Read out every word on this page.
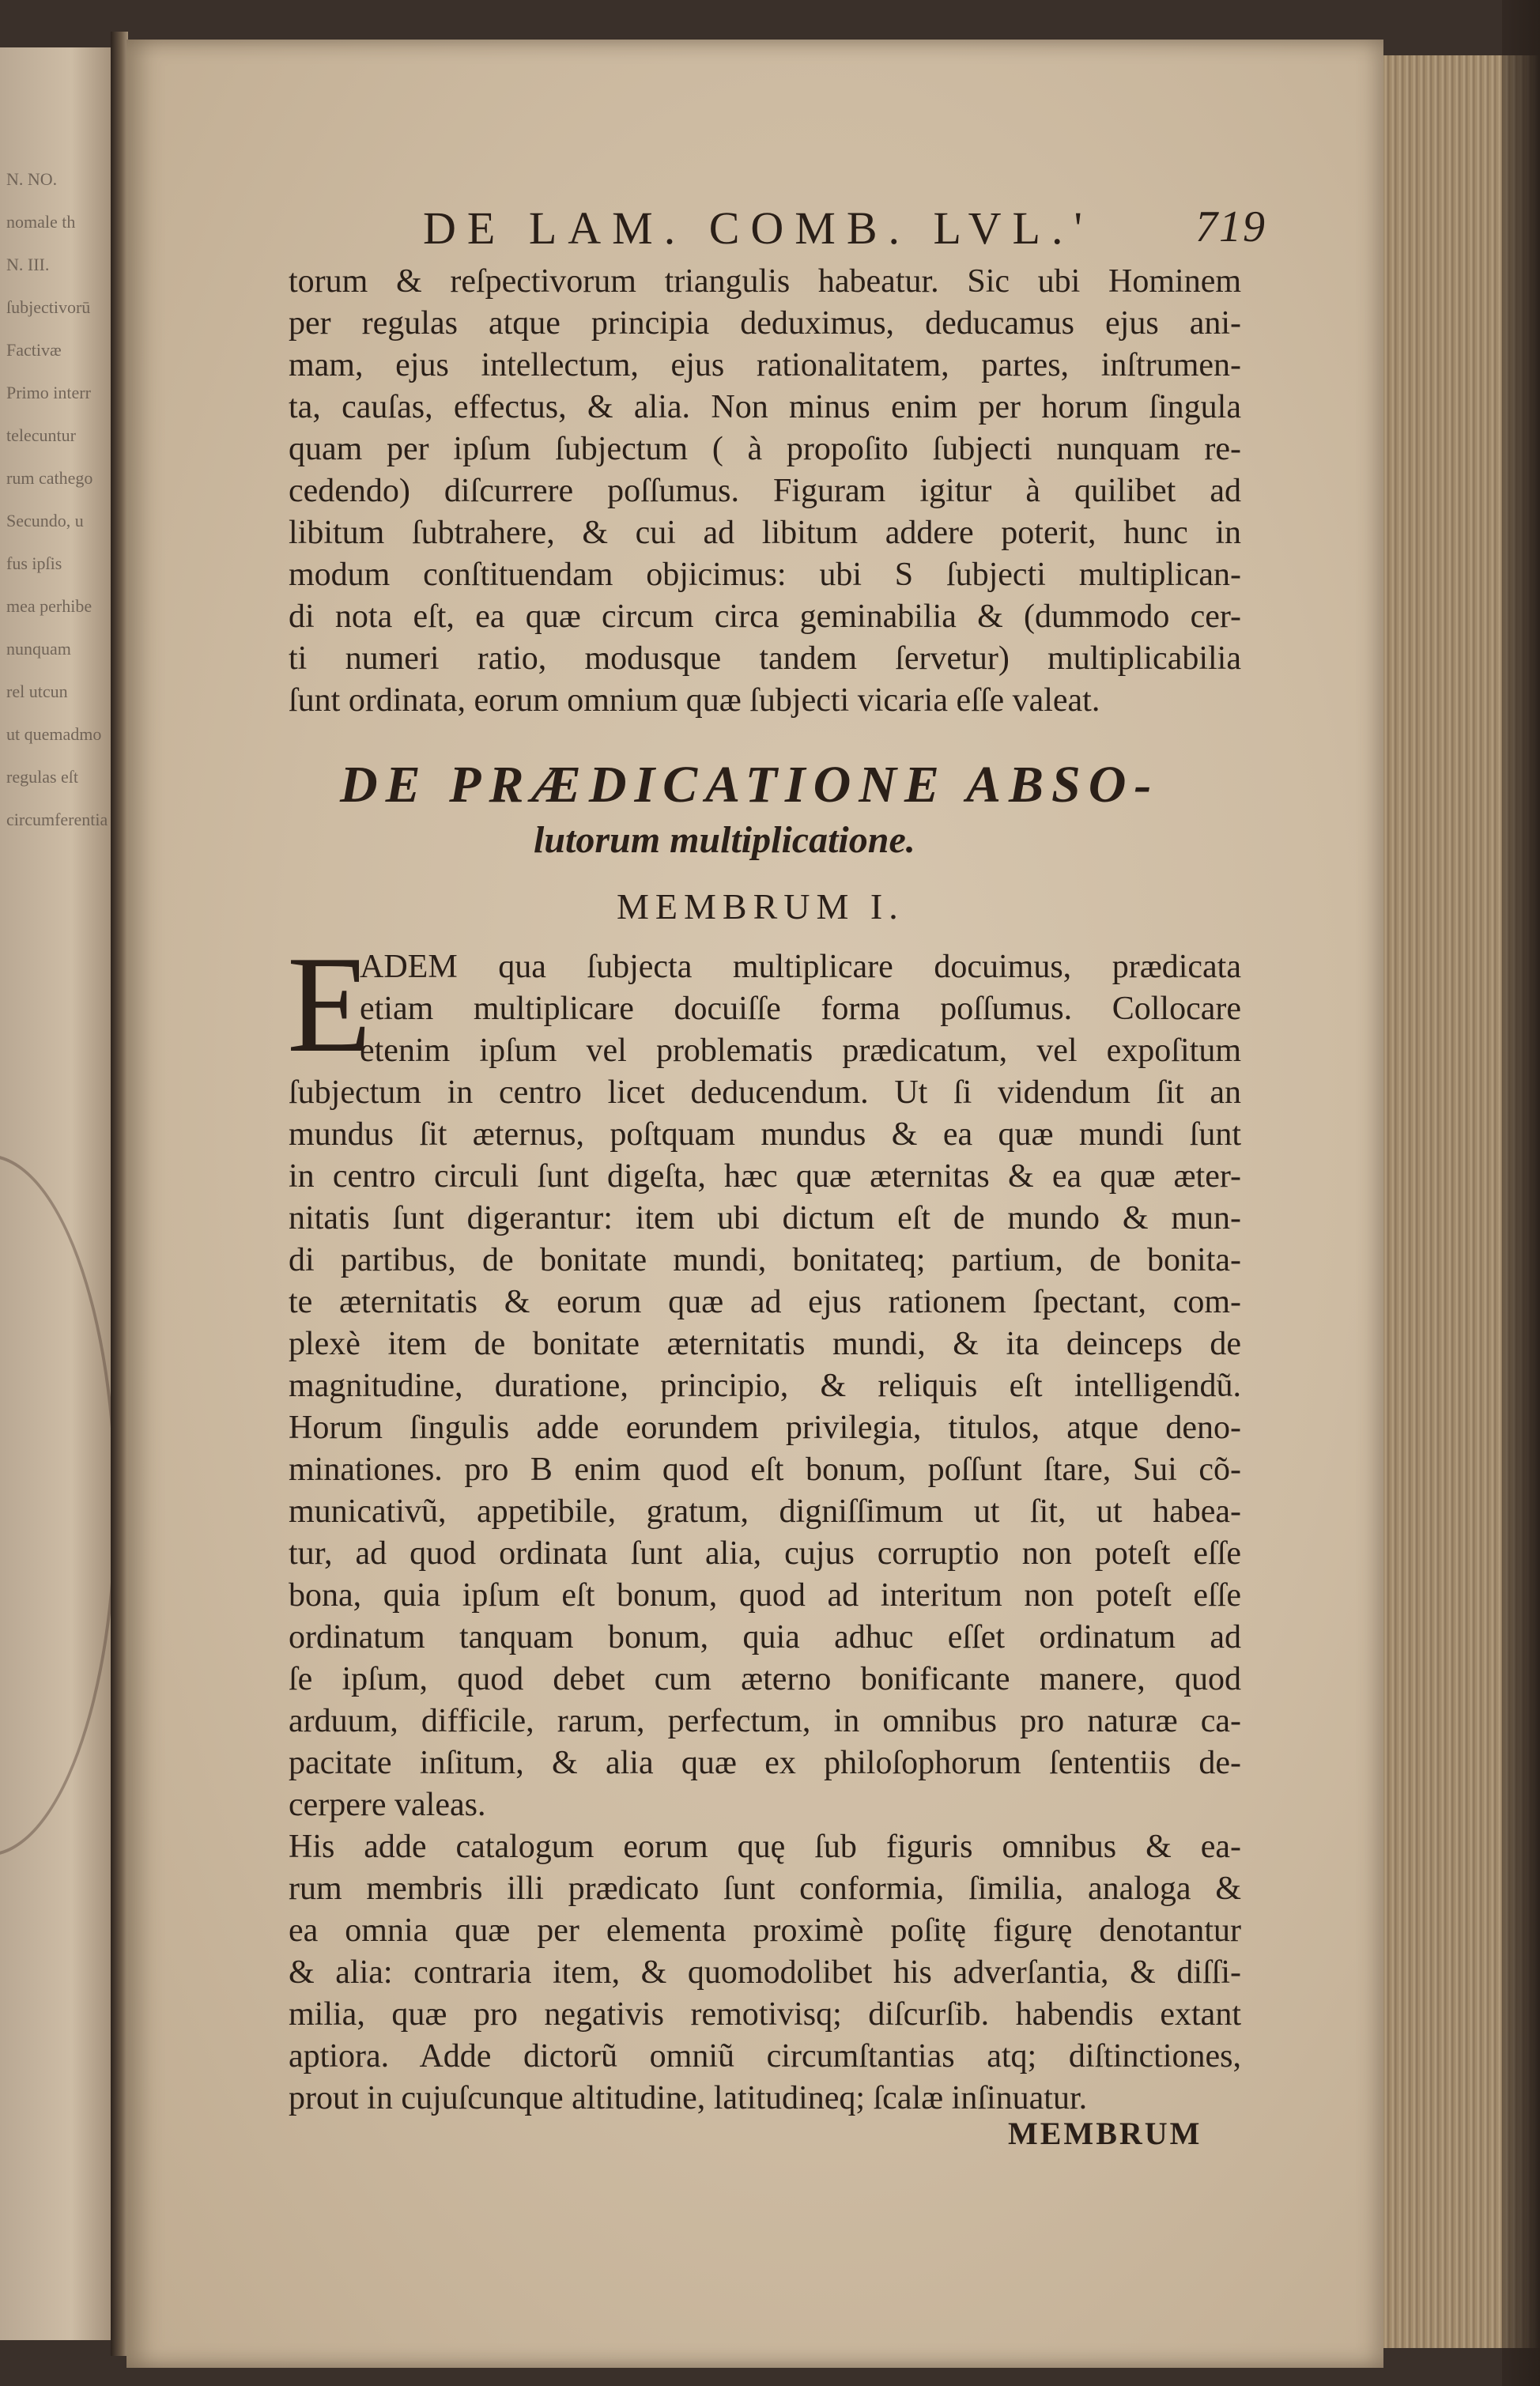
N. NO.
nomale th
N. III.
ſubjectivorū
Factivæ
Primo interr
telecuntur
rum cathego
Secundo, u
fus ipſis
mea perhibe
nunquam
rel utcun
ut quemadmo
regulas eſt
circumferentia
DE LAM. COMB. LVL.'	719
torum & reſpectivorum triangulis habeatur. Sic ubi Hominem
per regulas atque principia deduximus, deducamus ejus ani-
mam, ejus intellectum, ejus rationalitatem, partes, inſtrumen-
ta, cauſas, effectus, & alia. Non minus enim per horum ſingula
quam per ipſum ſubjectum ( à propoſito ſubjecti nunquam re-
cedendo) diſcurrere poſſumus. Figuram igitur à quilibet ad
libitum ſubtrahere, & cui ad libitum addere poterit, hunc in
modum conſtituendam objicimus: ubi S ſubjecti multiplican-
di nota eſt, ea quæ circum circa geminabilia & (dummodo cer-
ti numeri ratio, modusque tandem ſervetur) multiplicabilia
ſunt ordinata, eorum omnium quæ ſubjecti vicaria eſſe valeat.
DE PRÆDICATIONE ABSO-
lutorum multiplicatione.
MEMBRUM I.
E
ADEM qua ſubjecta multiplicare docuimus, prædicata
etiam multiplicare docuiſſe forma poſſumus. Collocare
etenim ipſum vel problematis prædicatum, vel expoſitum
ſubjectum in centro licet deducendum. Ut ſi videndum ſit an
mundus ſit æternus, poſtquam mundus & ea quæ mundi ſunt
in centro circuli ſunt digeſta, hæc quæ æternitas & ea quæ æter-
nitatis ſunt digerantur: item ubi dictum eſt de mundo & mun-
di partibus, de bonitate mundi, bonitateq; partium, de bonita-
te æternitatis & eorum quæ ad ejus rationem ſpectant, com-
plexè item de bonitate æternitatis mundi, & ita deinceps de
magnitudine, duratione, principio, & reliquis eſt intelligendũ.
Horum ſingulis adde eorundem privilegia, titulos, atque deno-
minationes. pro B enim quod eſt bonum, poſſunt ſtare, Sui cõ-
municativũ, appetibile, gratum, digniſſimum ut ſit, ut habea-
tur, ad quod ordinata ſunt alia, cujus corruptio non poteſt eſſe
bona, quia ipſum eſt bonum, quod ad interitum non poteſt eſſe
ordinatum tanquam bonum, quia adhuc eſſet ordinatum ad
ſe ipſum, quod debet cum æterno bonificante manere, quod
arduum, difficile, rarum, perfectum, in omnibus pro naturæ ca-
pacitate inſitum, & alia quæ ex philoſophorum ſententiis de-
cerpere valeas.
His adde catalogum eorum quę ſub figuris omnibus & ea-
rum membris illi prædicato ſunt conformia, ſimilia, analoga &
ea omnia quæ per elementa proximè poſitę figurę denotantur
& alia: contraria item, & quomodolibet his adverſantia, & diſſi-
milia, quæ pro negativis remotivisq; diſcurſib. habendis extant
aptiora. Adde dictorũ omniũ circumſtantias atq; diſtinctiones,
prout in cujuſcunque altitudine, latitudineq; ſcalæ inſinuatur.
MEMBRUM
